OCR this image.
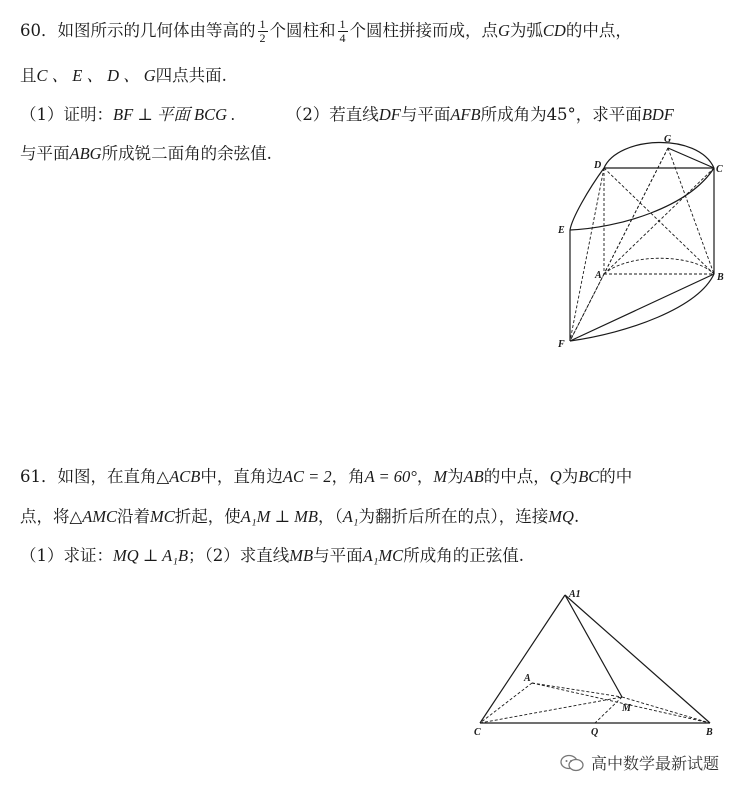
60．如图所示的几何体由等高的 $\frac{1}{2}$ 个圆柱和 $\frac{1}{4}$ 个圆柱拼接而成，点G为弧CD的中点，
且C 、 E 、 D 、 G四点共面.
（1）证明：BF ⊥ 平面 BCG .	（2）若直线DF与平面AFB所成角为45°，求平面BDF
与平面ABG所成锐二面角的余弦值.
G
D	C
E
A	B
F
61．如图，在直角△ACB中，直角边AC = 2，角A = 60°，M为AB的中点，Q为BC的中
点，将△AMC沿着MC折起，使A₁M ⊥ MB，（A₁为翻折后所在的点），连接MQ.
（1）求证：MQ ⊥ A₁B；（2）求直线MB与平面A₁MC所成角的正弦值.
A1
A
M
C	Q	B
高中数学最新试题
